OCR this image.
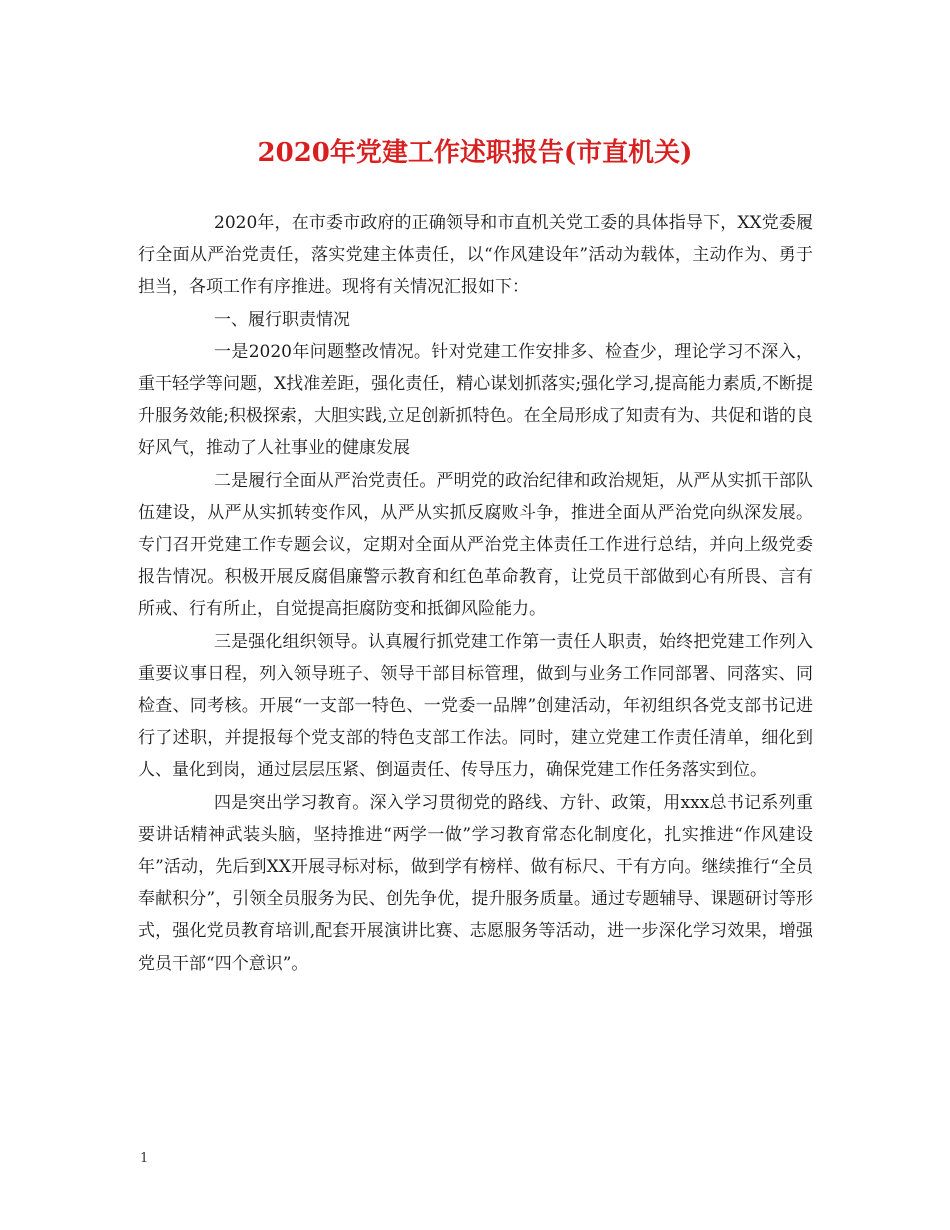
2020年党建工作述职报告(市直机关)

2020年，在市委市政府的正确领导和市直机关党工委的具体指导下，XX党委履行全面从严治党责任，落实党建主体责任，以“作风建设年”活动为载体，主动作为、勇于担当，各项工作有序推进。现将有关情况汇报如下：

一、履行职责情况

一是2020年问题整改情况。针对党建工作安排多、检查少，理论学习不深入，重干轻学等问题，X找准差距，强化责任，精心谋划抓落实;强化学习,提高能力素质,不断提升服务效能;积极探索，大胆实践,立足创新抓特色。在全局形成了知责有为、共促和谐的良好风气，推动了人社事业的健康发展

二是履行全面从严治党责任。严明党的政治纪律和政治规矩，从严从实抓干部队伍建设，从严从实抓转变作风，从严从实抓反腐败斗争，推进全面从严治党向纵深发展。专门召开党建工作专题会议，定期对全面从严治党主体责任工作进行总结，并向上级党委报告情况。积极开展反腐倡廉警示教育和红色革命教育，让党员干部做到心有所畏、言有所戒、行有所止，自觉提高拒腐防变和抵御风险能力。

三是强化组织领导。认真履行抓党建工作第一责任人职责，始终把党建工作列入重要议事日程，列入领导班子、领导干部目标管理，做到与业务工作同部署、同落实、同检查、同考核。开展“一支部一特色、一党委一品牌”创建活动，年初组织各党支部书记进行了述职，并提报每个党支部的特色支部工作法。同时，建立党建工作责任清单，细化到人、量化到岗，通过层层压紧、倒逼责任、传导压力，确保党建工作任务落实到位。

四是突出学习教育。深入学习贯彻党的路线、方针、政策，用xxx总书记系列重要讲话精神武装头脑，坚持推进“两学一做”学习教育常态化制度化，扎实推进“作风建设年”活动，先后到XX开展寻标对标，做到学有榜样、做有标尺、干有方向。继续推行“全员奉献积分”，引领全员服务为民、创先争优，提升服务质量。通过专题辅导、课题研讨等形式，强化党员教育培训,配套开展演讲比赛、志愿服务等活动，进一步深化学习效果，增强党员干部“四个意识”。

1
